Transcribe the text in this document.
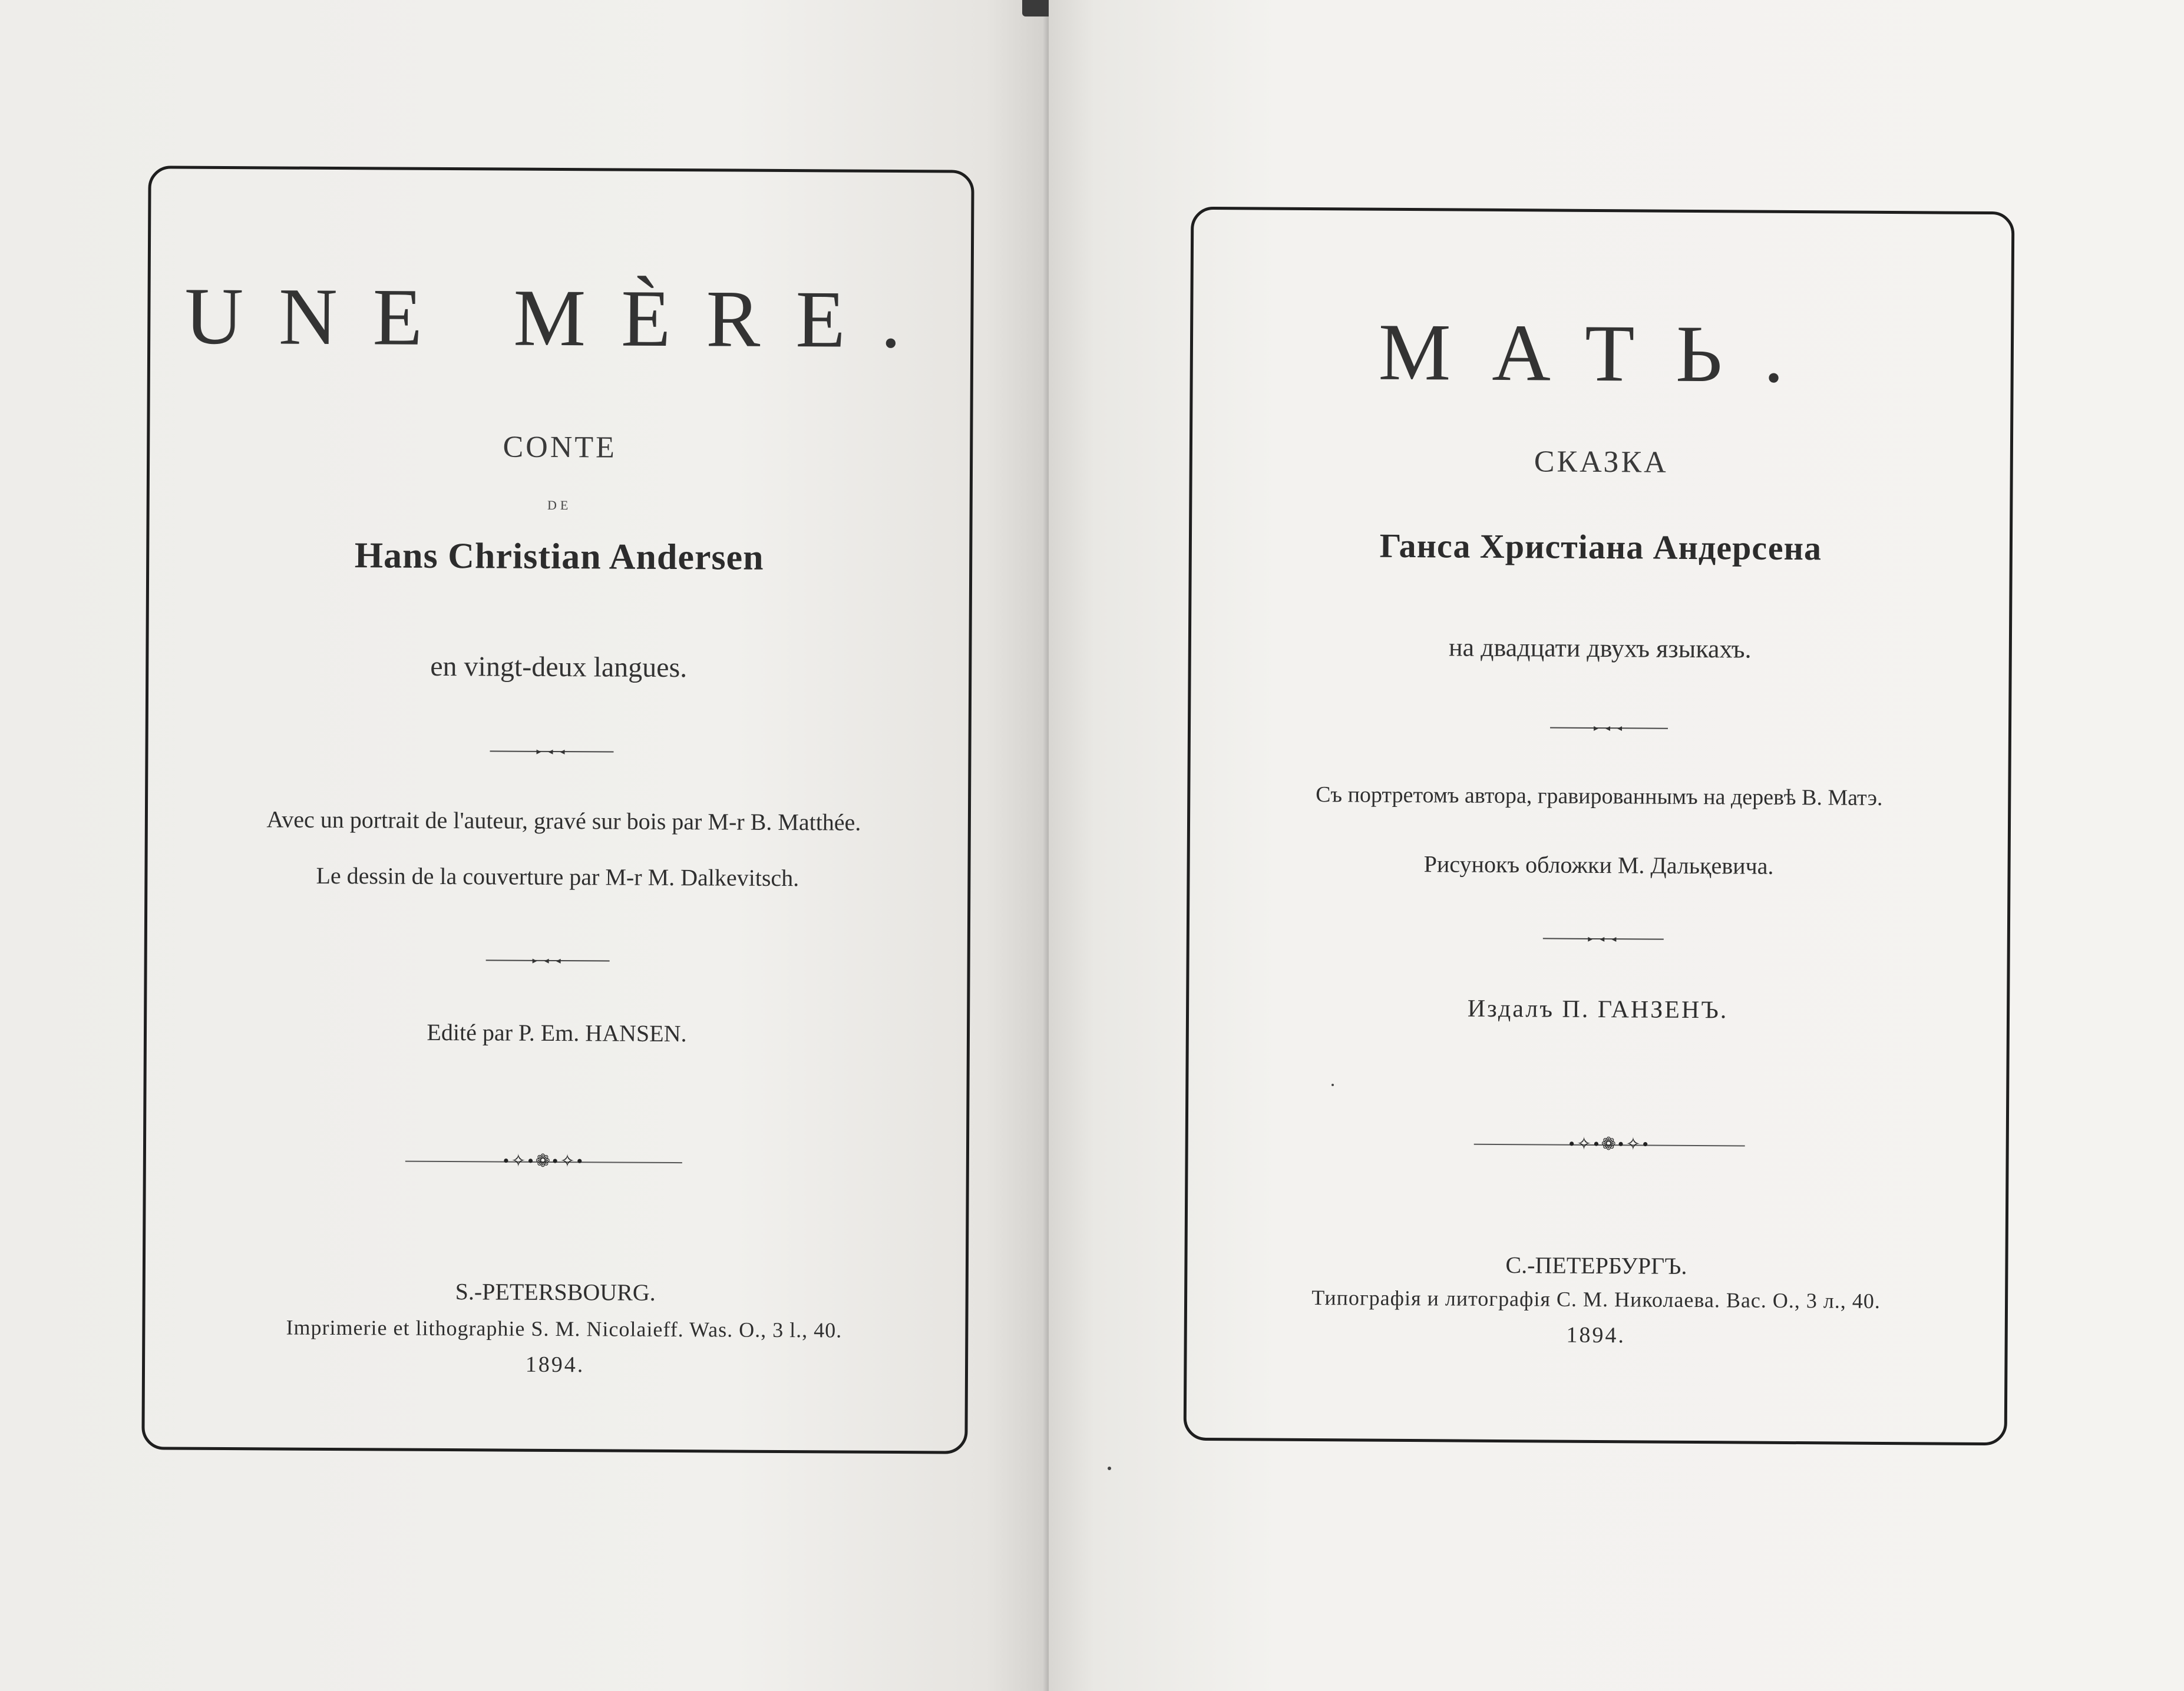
UNE MÈRE.

CONTE

DE

Hans Christian Andersen

en vingt-deux langues.

▸ ◂ ◂

Avec un portrait de l'auteur, gravé sur bois par M-r B. Matthée.

Le dessin de la couverture par M-r M. Dalkevitsch.

▸ ◂ ◂

Edité par P. Em. HANSEN.

•✧•❁•✧•

S.-PETERSBOURG.

Imprimerie et lithographie S. M. Nicolaieff. Was. O., 3 l., 40.

1894.

МАТЬ.

СКАЗКА

Ганса Христіана Андерсена

на двадцати двухъ языкахъ.

▸ ◂ ◂

Съ портретомъ автора, гравированнымъ на деревѣ В. Матэ.

Рисунокъ обложки М. Дальқевича.

▸ ◂ ◂

Издалъ П. ГАНЗЕНЪ.

•✧•❁•✧•

С.-ПЕТЕРБУРГЪ.

Типографія и литографія С. М. Николаева. Вас. О., 3 л., 40.

1894.
